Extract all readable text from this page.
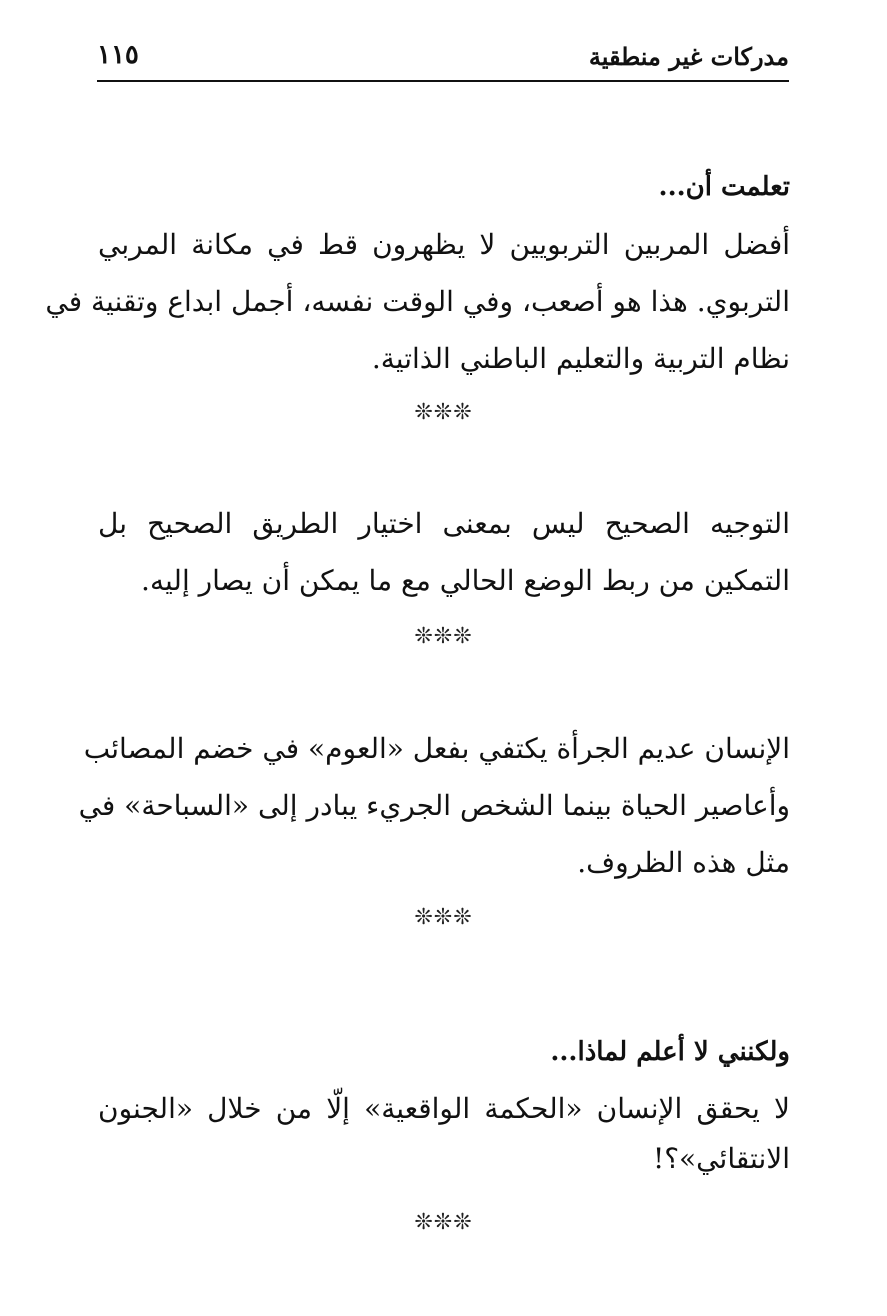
مدركات غير منطقية
١١٥
تعلمت أن...
أفضل المربين التربويين لا يظهرون قط في مكانة المربي
التربوي. هذا هو أصعب، وفي الوقت نفسه، أجمل ابداع وتقنية في
نظام التربية والتعليم الباطني الذاتية.
❊❊❊
التوجيه الصحيح ليس بمعنى اختيار الطريق الصحيح بل
التمكين من ربط الوضع الحالي مع ما يمكن أن يصار إليه.
❊❊❊
الإنسان عديم الجرأة يكتفي بفعل «العوم» في خضم المصائب
وأعاصير الحياة بينما الشخص الجريء يبادر إلى «السباحة» في
مثل هذه الظروف.
❊❊❊
ولكنني لا أعلم لماذا...
لا يحقق الإنسان «الحكمة الواقعية» إلّا من خلال «الجنون
الانتقائي»؟!
❊❊❊
